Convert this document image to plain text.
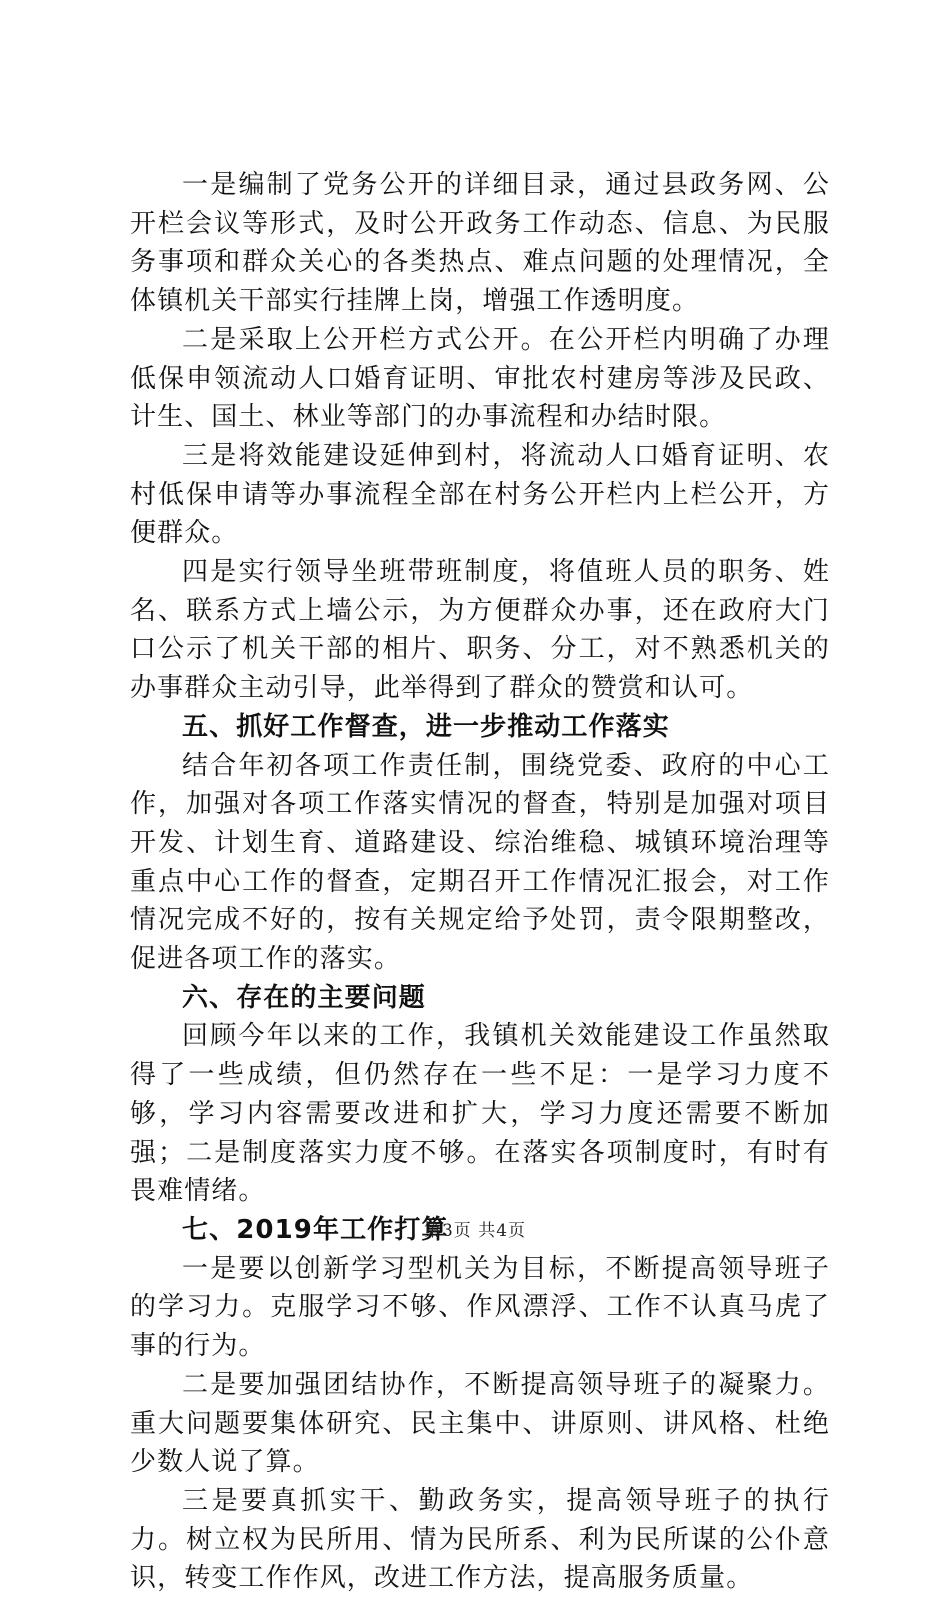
一是编制了党务公开的详细目录，通过县政务网、公开栏会议等形式，及时公开政务工作动态、信息、为民服务事项和群众关心的各类热点、难点问题的处理情况，全体镇机关干部实行挂牌上岗，增强工作透明度。

二是采取上公开栏方式公开。在公开栏内明确了办理低保申领流动人口婚育证明、审批农村建房等涉及民政、计生、国土、林业等部门的办事流程和办结时限。

三是将效能建设延伸到村，将流动人口婚育证明、农村低保申请等办事流程全部在村务公开栏内上栏公开，方便群众。

四是实行领导坐班带班制度，将值班人员的职务、姓名、联系方式上墙公示，为方便群众办事，还在政府大门口公示了机关干部的相片、职务、分工，对不熟悉机关的办事群众主动引导，此举得到了群众的赞赏和认可。

五、抓好工作督查，进一步推动工作落实

结合年初各项工作责任制，围绕党委、政府的中心工作，加强对各项工作落实情况的督查，特别是加强对项目开发、计划生育、道路建设、综治维稳、城镇环境治理等重点中心工作的督查，定期召开工作情况汇报会，对工作情况完成不好的，按有关规定给予处罚，责令限期整改，促进各项工作的落实。

六、存在的主要问题

回顾今年以来的工作，我镇机关效能建设工作虽然取得了一些成绩，但仍然存在一些不足：一是学习力度不够，学习内容需要改进和扩大，学习力度还需要不断加强；二是制度落实力度不够。在落实各项制度时，有时有畏难情绪。

七、2019年工作打算

一是要以创新学习型机关为目标，不断提高领导班子的学习力。克服学习不够、作风漂浮、工作不认真马虎了事的行为。

二是要加强团结协作，不断提高领导班子的凝聚力。重大问题要集体研究、民主集中、讲原则、讲风格、杜绝少数人说了算。

三是要真抓实干、勤政务实，提高领导班子的执行力。树立权为民所用、情为民所系、利为民所谋的公仆意识，转变工作作风，改进工作方法，提高服务质量。

第3页 共4页
